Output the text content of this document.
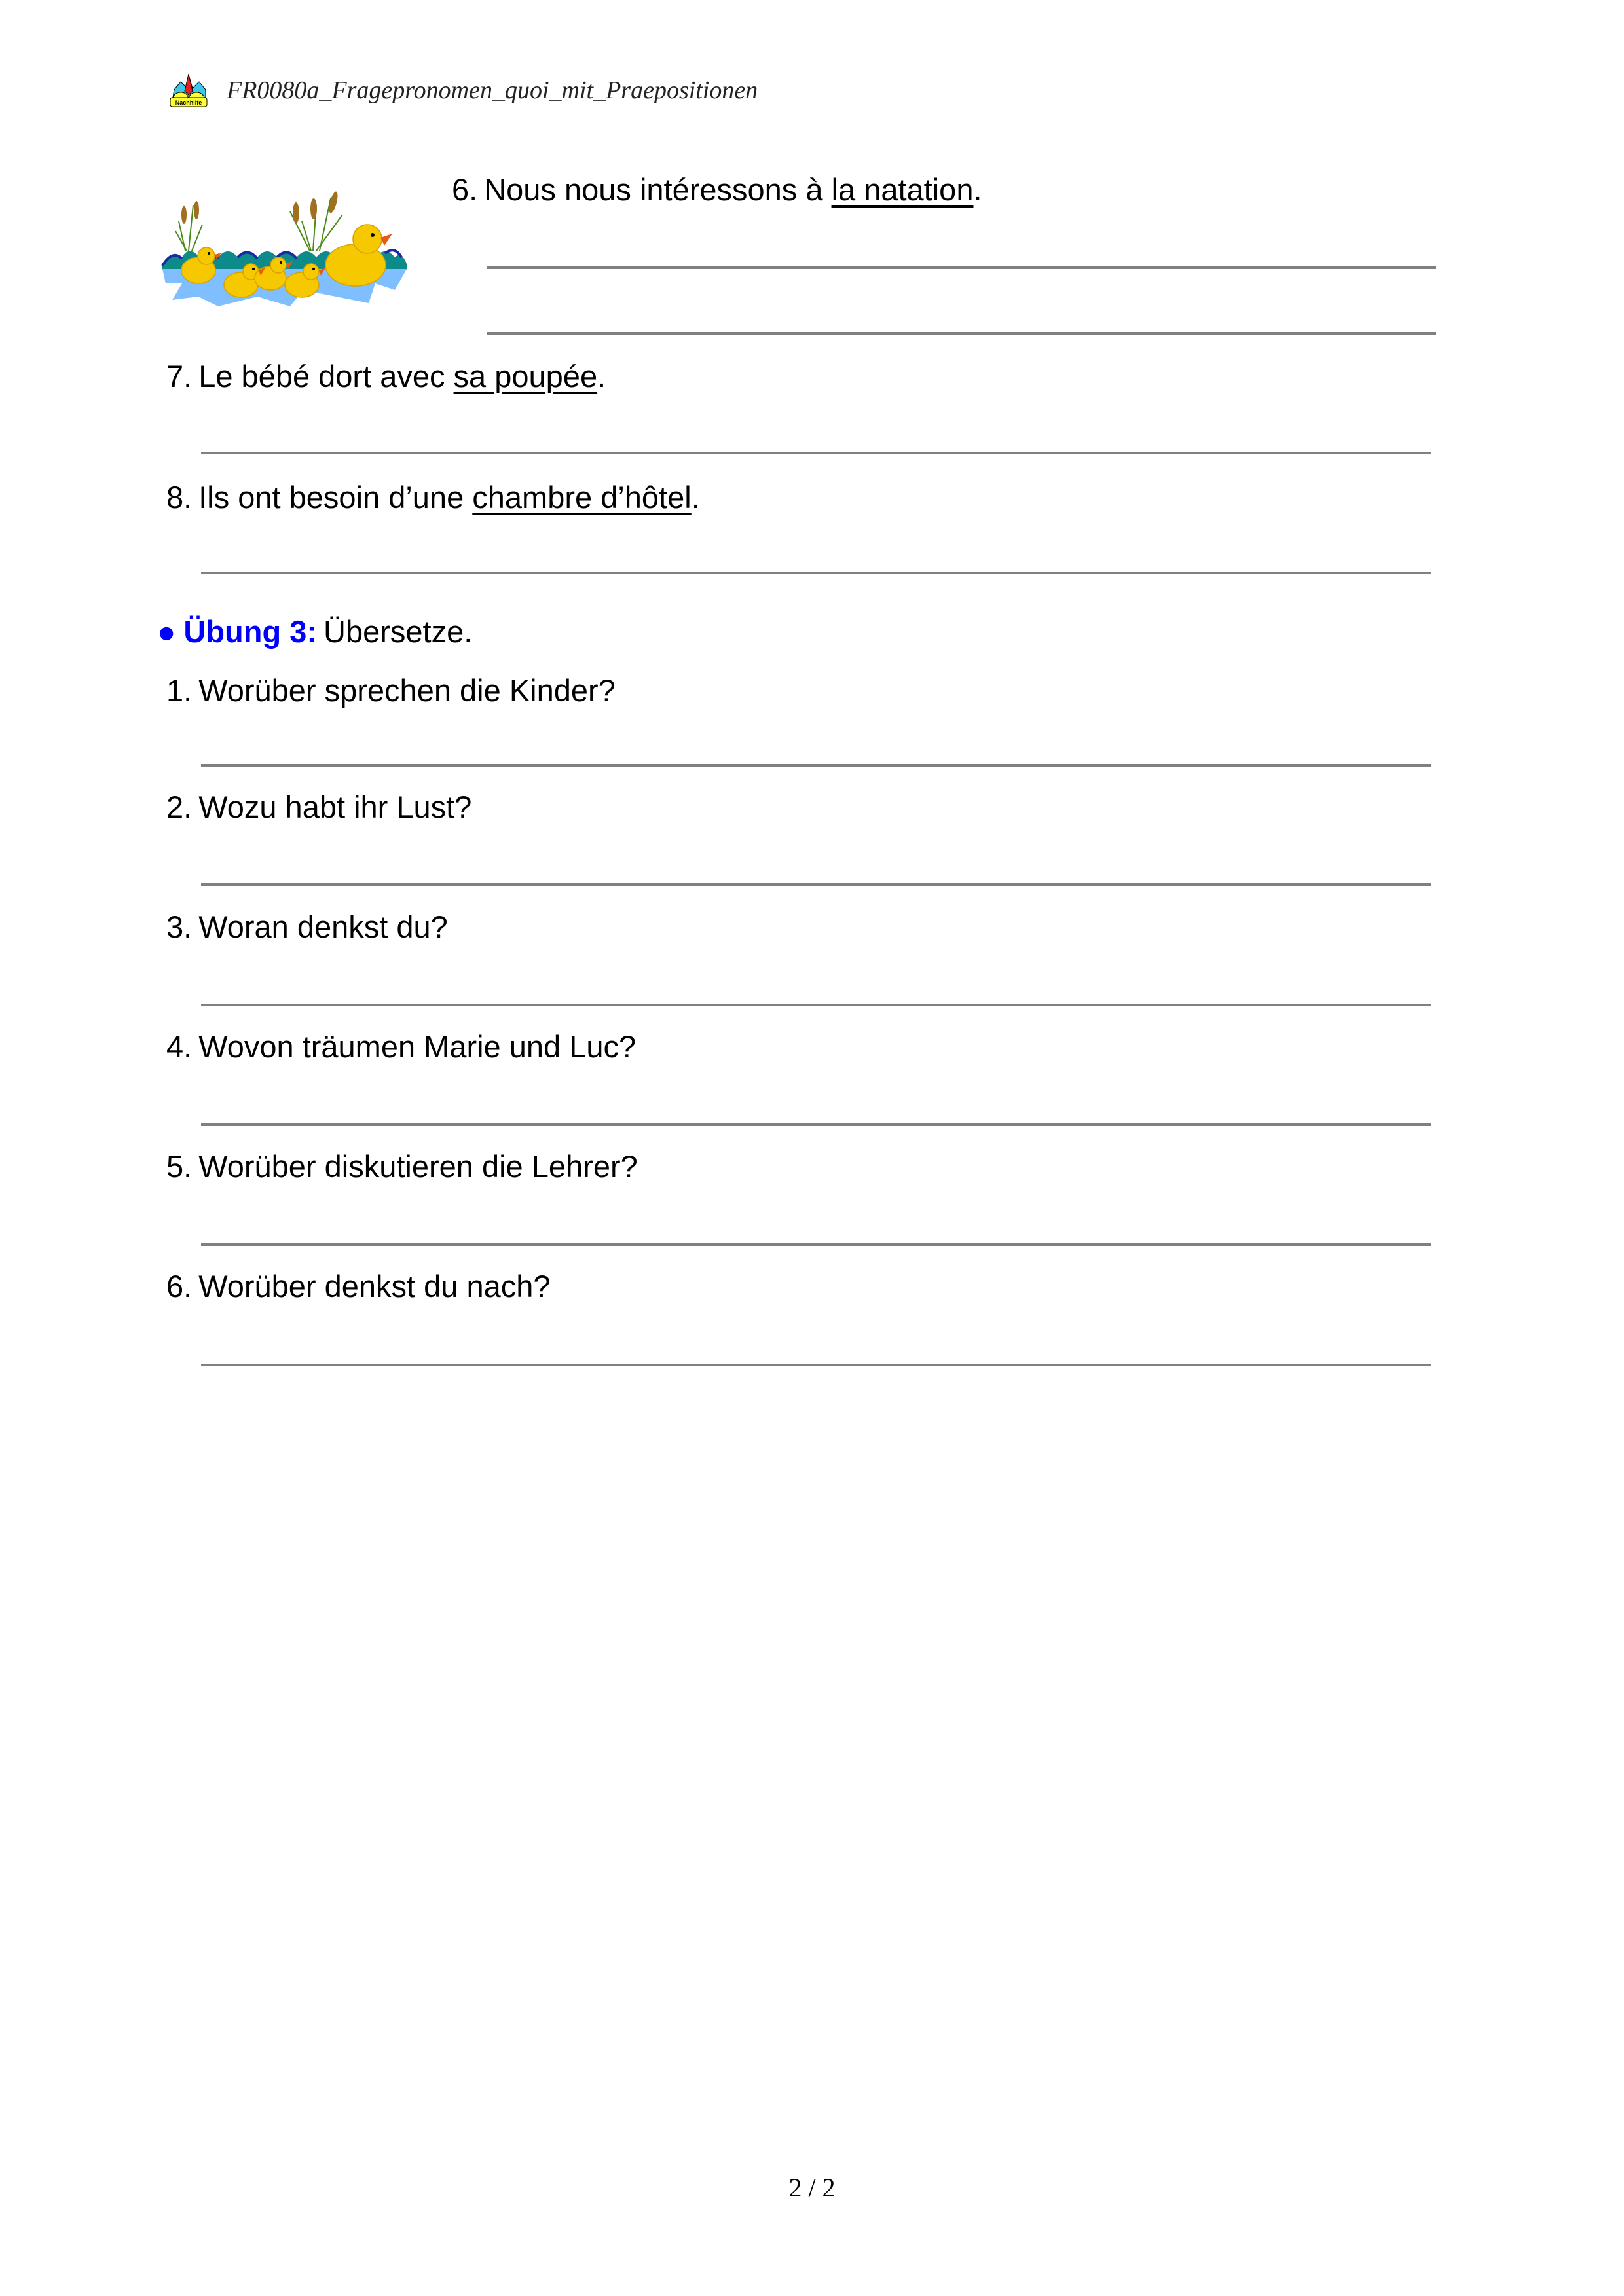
Nachhilfe FR0080a_Fragepronomen_quoi_mit_Praepositionen
6. Nous nous intéressons à la natation.
7. Le bébé dort avec sa poupée.
8. Ils ont besoin d’une chambre d’hôtel.
● Übung 3: Übersetze.
1. Worüber sprechen die Kinder?
2. Wozu habt ihr Lust?
3. Woran denkst du?
4. Wovon träumen Marie und Luc?
5. Worüber diskutieren die Lehrer?
6. Worüber denkst du nach?
2 / 2
